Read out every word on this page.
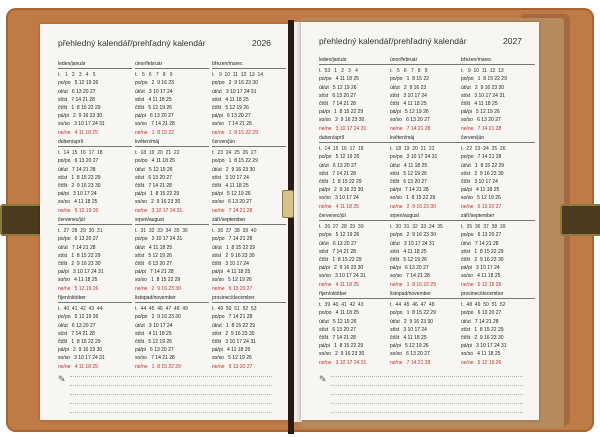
přehledný kalendář/prehľadný kalendár	2026
leden/január
t.   1   2   3   4   5
po/po   5 12 19 26
út/ut   6 13 20 27
st/st   7 14 21 28
čt/št   1  8 15 22 29
pá/pi   2  9 16 23 30
so/so   3 10 17 24 31
ne/ne   4 11 18 25
únor/február
t.   5   6   7   8   9
po/po   2  9 16 23
út/ut   3 10 17 24
st/st   4 11 18 25
čt/št   5 12 19 26
pá/pi   6 13 20 27
so/so   7 14 21 28
ne/ne   1  8 15 22
březen/marec
t.   9  10  11  12  13  14
po/po   2  9 16 23 30
út/ut   3 10 17 24 31
st/st   4 11 18 25
čt/št   5 12 19 26
pá/pi   6 13 20 27
so/so   7 14 21 28
ne/ne   1  8 15 22 29
duben/apríl
t.  14  15  16  17  18
po/po   6 13 20 27
út/ut   7 14 21 28
st/st   1  8 15 22 29
čt/št   2  9 16 23 30
pá/pi   3 10 17 24
so/so   4 11 18 25
ne/ne   5 12 19 26
květen/máj
t.  18  19  20  21  22
po/po   4 11 18 25
út/ut   5 12 19 26
st/st   6 13 20 27
čt/št   7 14 21 28
pá/pi   1  8 15 22 29
so/so   2  9 16 23 30
ne/ne   3 10 17 24 31
červen/jún
t.  23  24  25  26  27
po/po   1  8 15 22 29
út/ut   2  9 16 23 30
st/st   3 10 17 24
čt/št   4 11 18 25
pá/pi   5 12 19 26
so/so   6 13 20 27
ne/ne   7 14 21 28
červenec/júl
t.  27  28  29  30  31
po/po   6 13 20 27
út/ut   7 14 21 28
st/st   1  8 15 22 29
čt/št   2  9 16 23 30
pá/pi   3 10 17 24 31
so/so   4 11 18 25
ne/ne   5 12 19 26
srpen/august
t.  31  32  33  34  35  36
po/po   3 10 17 24 31
út/ut   4 11 18 25
st/st   5 12 19 26
čt/št   6 13 20 27
pá/pi   7 14 21 28
so/so   1  8 15 22 29
ne/ne   2  9 16 23 30
září/september
t.  36  37  38  39  40
po/po   7 14 21 28
út/ut   1  8 15 22 29
st/st   2  9 16 23 30
čt/št   3 10 17 24
pá/pi   4 11 18 25
so/so   5 12 19 26
ne/ne   6 13 20 27
říjen/október
t.  40  41  42  43  44
po/po   5 12 19 26
út/ut   6 13 20 27
st/st   7 14 21 28
čt/št   1  8 15 22 29
pá/pi   2  9 16 23 30
so/so   3 10 17 24 31
ne/ne   4 11 18 25
listopad/november
t.  44  45  46  47  48  49
po/po   2  9 16 23 30
út/ut   3 10 17 24
st/st   4 11 18 25
čt/št   5 12 19 26
pá/pi   6 13 20 27
so/so   7 14 21 28
ne/ne   1  8 15 22 29
prosinec/december
t.  49  50  51  52  53
po/po   7 14 21 28
út/ut   1  8 15 22 29
st/st   2  9 16 23 30
čt/št   3 10 17 24 31
pá/pi   4 11 18 25
so/so   5 12 19 26
ne/ne   6 13 20 27
✎
přehledný kalendář/prehľadný kalendár	2027
leden/január
t.  53   1   2   3   4
po/po   4 11 18 25
út/ut   5 12 19 26
st/st   6 13 20 27
čt/št   7 14 21 28
pá/pi   1  8 15 22 29
so/so   2  9 16 23 30
ne/ne   3 10 17 24 31
únor/február
t.   5   6   7   8   9
po/po   1  8 15 22
út/ut   2  9 16 23
st/st   3 10 17 24
čt/št   4 11 18 25
pá/pi   5 12 19 26
so/so   6 13 20 27
ne/ne   7 14 21 28
březen/marec
t.   9  10  11  12  13
po/po   1  8 15 22 29
út/ut   2  9 16 23 30
st/st   3 10 17 24 31
čt/št   4 11 18 25
pá/pi   5 12 19 26
so/so   6 13 20 27
ne/ne   7 14 21 28
duben/apríl
t.  14  15  16  17  18
po/po   5 12 19 26
út/ut   6 13 20 27
st/st   7 14 21 28
čt/št   1  8 15 22 29
pá/pi   2  9 16 23 30
so/so   3 10 17 24
ne/ne   4 11 18 25
květen/máj
t.  18  19  20  21  22
po/po   3 10 17 24 31
út/ut   4 11 18 25
st/st   5 12 19 26
čt/št   6 13 20 27
pá/pi   7 14 21 28
so/so   1  8 15 22 29
ne/ne   2  9 16 23 30
červen/jún
t.  22  23  24  25  26
po/po   7 14 21 28
út/ut   1  8 15 22 29
st/st   2  9 16 23 30
čt/št   3 10 17 24
pá/pi   4 11 18 25
so/so   5 12 19 26
ne/ne   6 13 20 27
červenec/júl
t.  26  27  28  29  30
po/po   5 12 19 26
út/ut   6 13 20 27
st/st   7 14 21 28
čt/št   1  8 15 22 29
pá/pi   2  9 16 23 30
so/so   3 10 17 24 31
ne/ne   4 11 18 25
srpen/august
t.  30  31  32  33  34  35
po/po   2  9 16 23 30
út/ut   3 10 17 24 31
st/st   4 11 18 25
čt/št   5 12 19 26
pá/pi   6 13 20 27
so/so   7 14 21 28
ne/ne   1  8 15 22 29
září/september
t.  35  36  37  38  39
po/po   6 13 20 27
út/ut   7 14 21 28
st/st   1  8 15 22 29
čt/št   2  9 16 23 30
pá/pi   3 10 17 24
so/so   4 11 18 25
ne/ne   5 12 19 26
říjen/október
t.  39  40  41  42  43
po/po   4 11 18 25
út/ut   5 12 19 26
st/st   6 13 20 27
čt/št   7 14 21 28
pá/pi   1  8 15 22 29
so/so   2  9 16 23 30
ne/ne   3 10 17 24 31
listopad/november
t.  44  45  46  47  48
po/po   1  8 15 22 29
út/ut   2  9 16 23 30
st/st   3 10 17 24
čt/št   4 11 18 25
pá/pi   5 12 19 26
so/so   6 13 20 27
ne/ne   7 14 21 28
prosinec/december
t.  48  49  50  51  52
po/po   6 13 20 27
út/ut   7 14 21 28
st/st   1  8 15 22 29
čt/št   2  9 16 23 30
pá/pi   3 10 17 24 31
so/so   4 11 18 25
ne/ne   5 12 19 26
✎
